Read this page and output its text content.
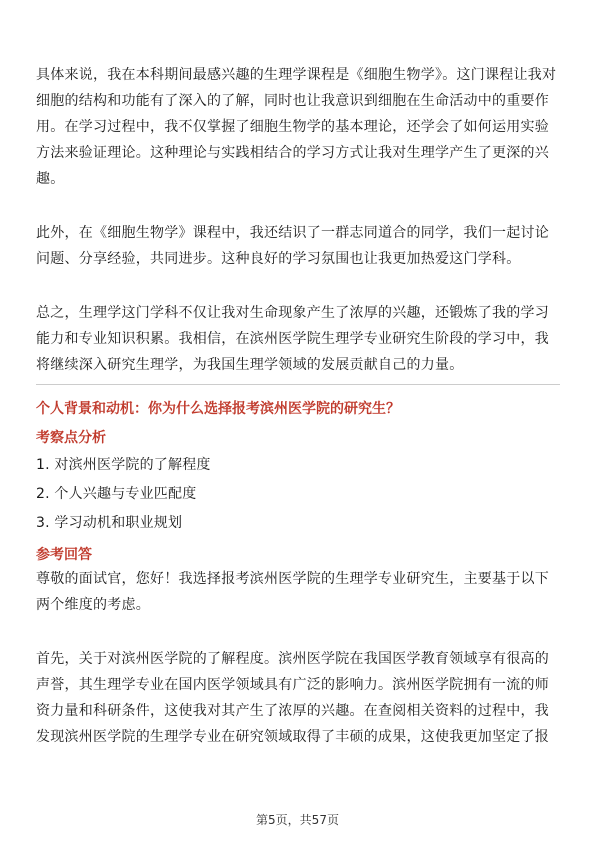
具体来说，我在本科期间最感兴趣的生理学课程是《细胞生物学》。这门课程让我对细胞的结构和功能有了深入的了解，同时也让我意识到细胞在生命活动中的重要作用。在学习过程中，我不仅掌握了细胞生物学的基本理论，还学会了如何运用实验方法来验证理论。这种理论与实践相结合的学习方式让我对生理学产生了更深的兴趣。

此外，在《细胞生物学》课程中，我还结识了一群志同道合的同学，我们一起讨论问题、分享经验，共同进步。这种良好的学习氛围也让我更加热爱这门学科。

总之，生理学这门学科不仅让我对生命现象产生了浓厚的兴趣，还锻炼了我的学习能力和专业知识积累。我相信，在滨州医学院生理学专业研究生阶段的学习中，我将继续深入研究生理学，为我国生理学领域的发展贡献自己的力量。

个人背景和动机：你为什么选择报考滨州医学院的研究生？
考察点分析
1. 对滨州医学院的了解程度
2. 个人兴趣与专业匹配度
3. 学习动机和职业规划
参考回答

尊敬的面试官，您好！我选择报考滨州医学院的生理学专业研究生，主要基于以下两个维度的考虑。

首先，关于对滨州医学院的了解程度。滨州医学院在我国医学教育领域享有很高的声誉，其生理学专业在国内医学领域具有广泛的影响力。滨州医学院拥有一流的师资力量和科研条件，这使我对其产生了浓厚的兴趣。在查阅相关资料的过程中，我发现滨州医学院的生理学专业在研究领域取得了丰硕的成果，这使我更加坚定了报

第5页，共57页
